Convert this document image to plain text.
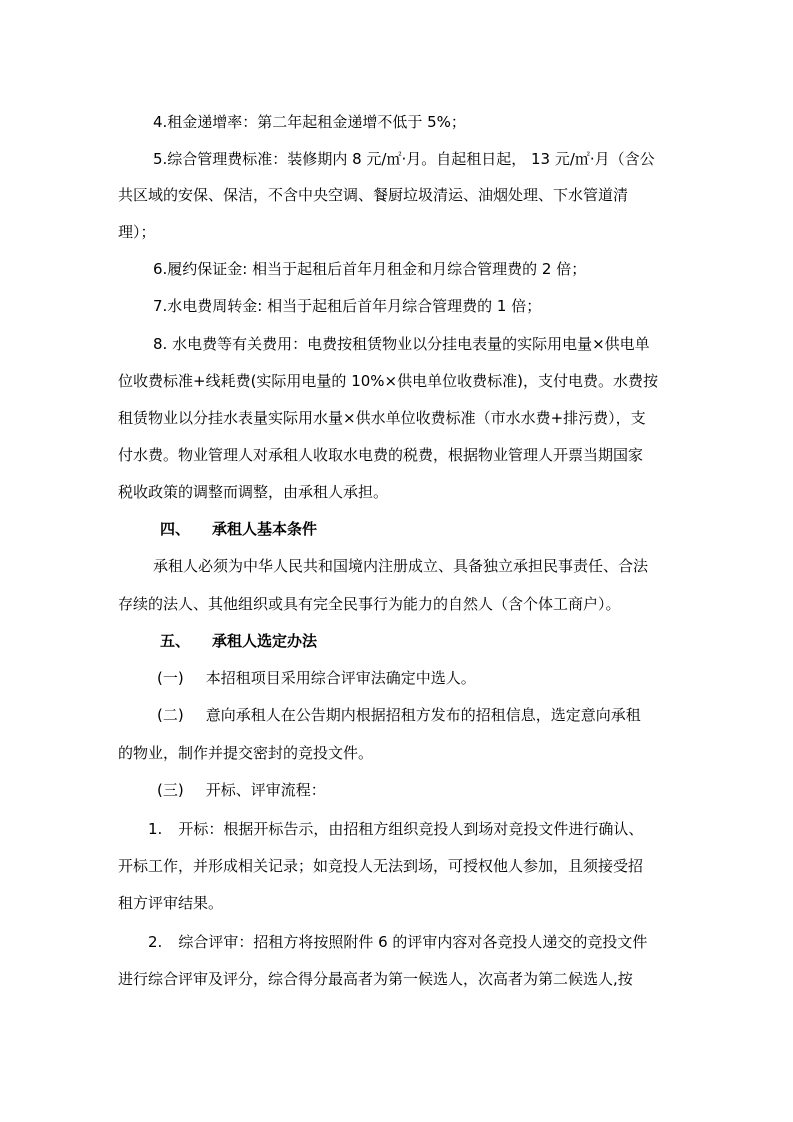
4.租金递增率：第二年起租金递增不低于 5%；
5.综合管理费标准：装修期内 8 元/㎡·月。自起租日起， 13 元/㎡·月（含公
共区域的安保、保洁，不含中央空调、餐厨垃圾清运、油烟处理、下水管道清
理）；
6.履约保证金: 相当于起租后首年月租金和月综合管理费的 2 倍；
7.水电费周转金: 相当于起租后首年月综合管理费的 1 倍；
8. 水电费等有关费用：电费按租赁物业以分挂电表量的实际用电量×供电单
位收费标准+线耗费(实际用电量的 10%×供电单位收费标准)，支付电费。水费按
租赁物业以分挂水表量实际用水量×供水单位收费标准（市水水费+排污费），支
付水费。物业管理人对承租人收取水电费的税费，根据物业管理人开票当期国家
税收政策的调整而调整，由承租人承担。
四、 承租人基本条件
承租人必须为中华人民共和国境内注册成立、具备独立承担民事责任、合法
存续的法人、其他组织或具有完全民事行为能力的自然人（含个体工商户）。
五、 承租人选定办法
(一) 本招租项目采用综合评审法确定中选人。
(二) 意向承租人在公告期内根据招租方发布的招租信息，选定意向承租
的物业，制作并提交密封的竞投文件。
(三) 开标、评审流程：
1. 开标：根据开标告示，由招租方组织竞投人到场对竞投文件进行确认、
开标工作，并形成相关记录；如竞投人无法到场，可授权他人参加，且须接受招
租方评审结果。
2. 综合评审：招租方将按照附件 6 的评审内容对各竞投人递交的竞投文件
进行综合评审及评分，综合得分最高者为第一候选人，次高者为第二候选人,按
